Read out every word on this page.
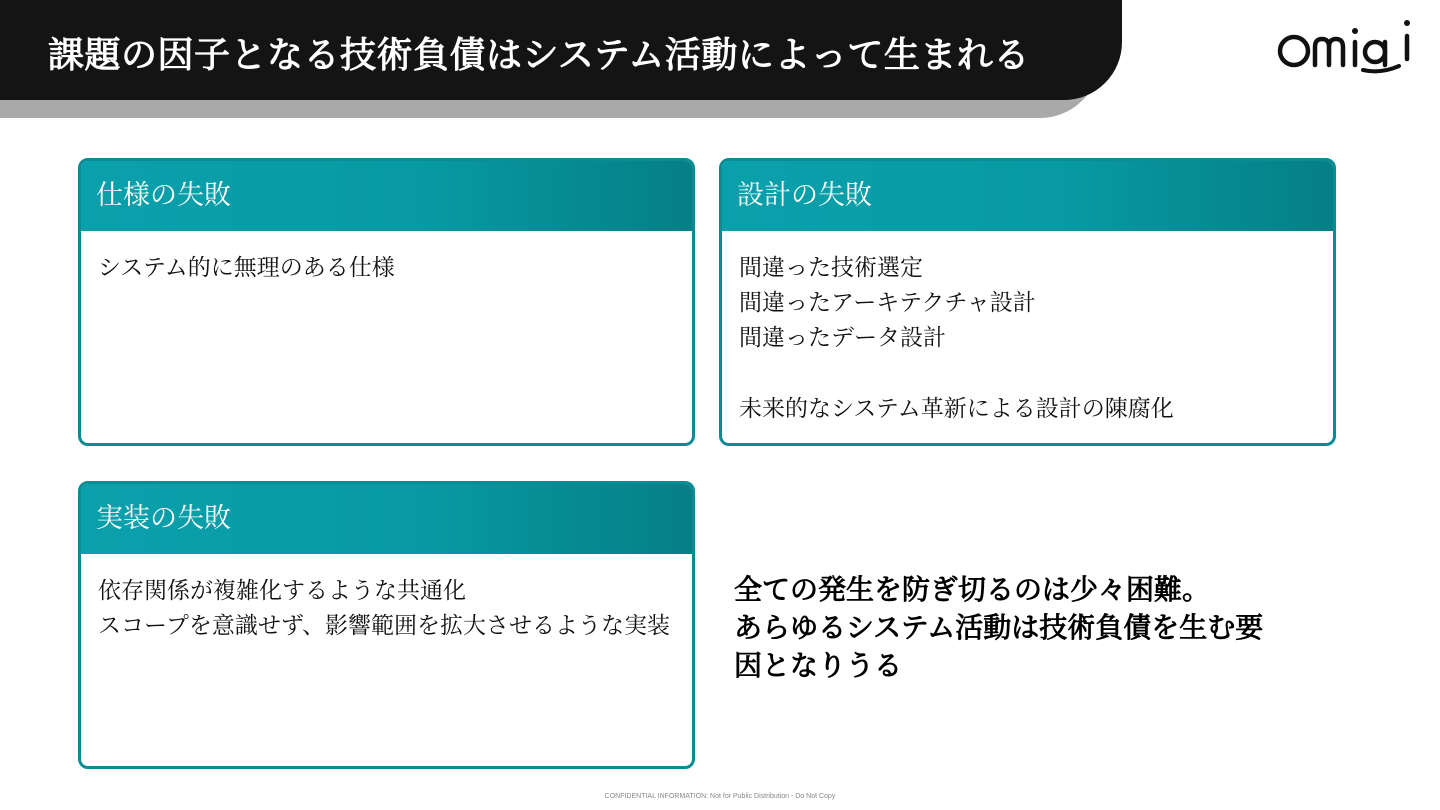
課題の因子となる技術負債はシステム活動によって生まれる
Omiai
仕様の失敗
システム的に無理のある仕様
設計の失敗
間違った技術選定
間違ったアーキテクチャ設計
間違ったデータ設計
未来的なシステム革新による設計の陳腐化
実装の失敗
依存関係が複雑化するような共通化
スコープを意識せず、影響範囲を拡大させるような実装
全ての発生を防ぎ切るのは少々困難。
あらゆるシステム活動は技術負債を生む要
因となりうる
CONFIDENTIAL INFORMATION: Not for Public Distribution - Do Not Copy
